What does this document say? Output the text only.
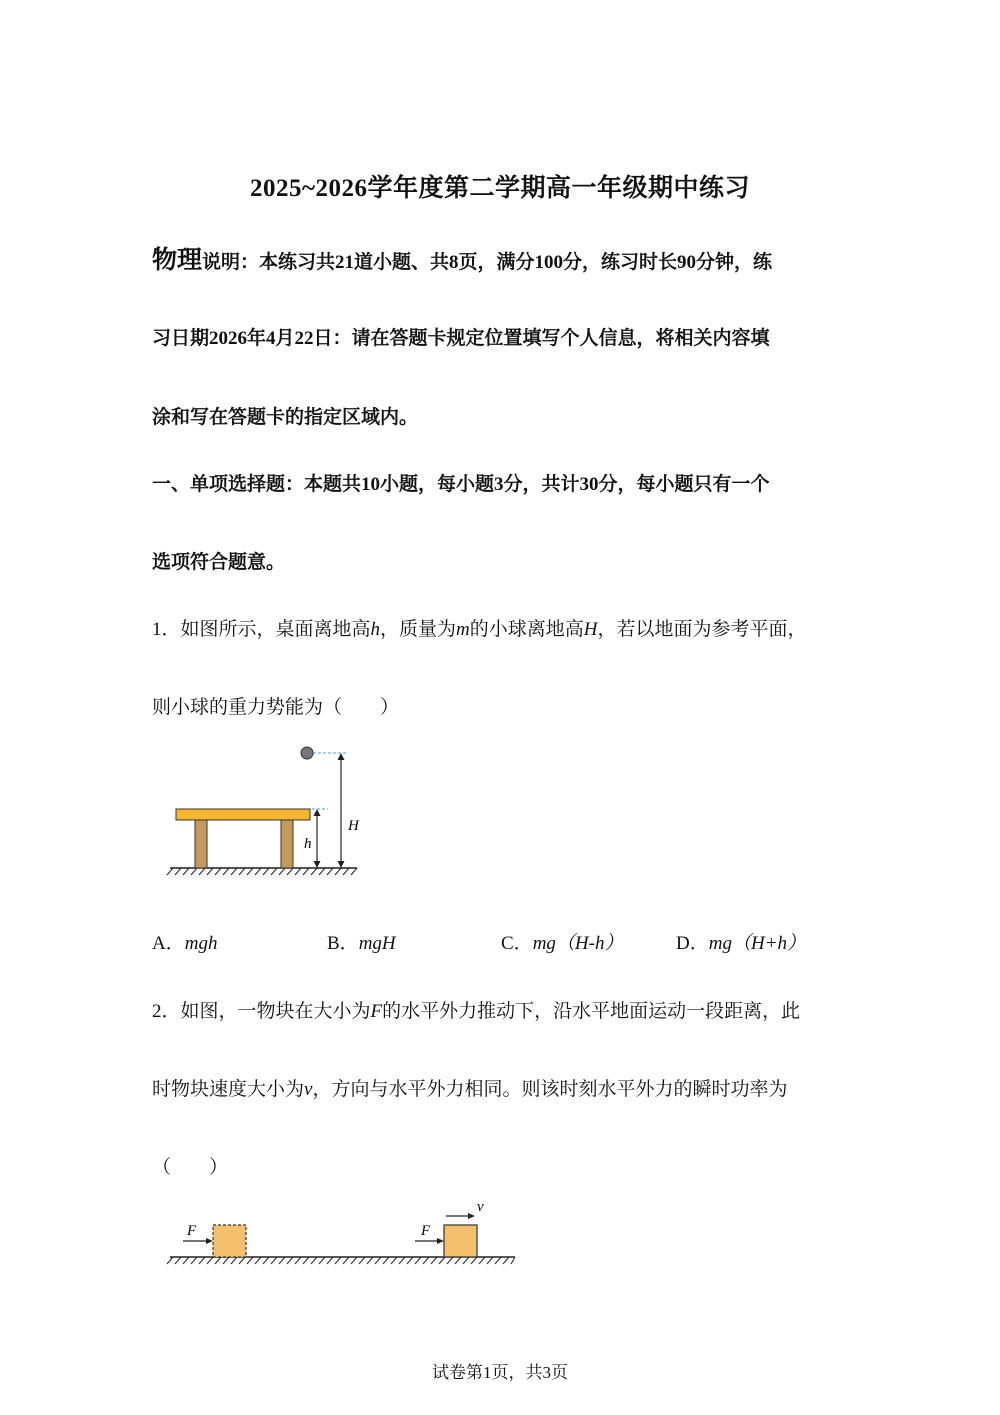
2025~2026学年度第二学期高一年级期中练习
物理说明：本练习共21道小题、共8页，满分100分，练习时长90分钟，练
习日期2026年4月22日：请在答题卡规定位置填写个人信息，将相关内容填
涂和写在答题卡的指定区域内。
一、单项选择题：本题共10小题，每小题3分，共计30分，每小题只有一个
选项符合题意。
1．如图所示，桌面离地高h，质量为m的小球离地高H，若以地面为参考平面，
则小球的重力势能为（　　）
h
H
A．mgh	B．mgH	C．mg（H-h）	D．mg（H+h）
2．如图，一物块在大小为F的水平外力推动下，沿水平地面运动一段距离，此
时物块速度大小为v，方向与水平外力相同。则该时刻水平外力的瞬时功率为
（　　）
F	F
v
试卷第1页，共3页
